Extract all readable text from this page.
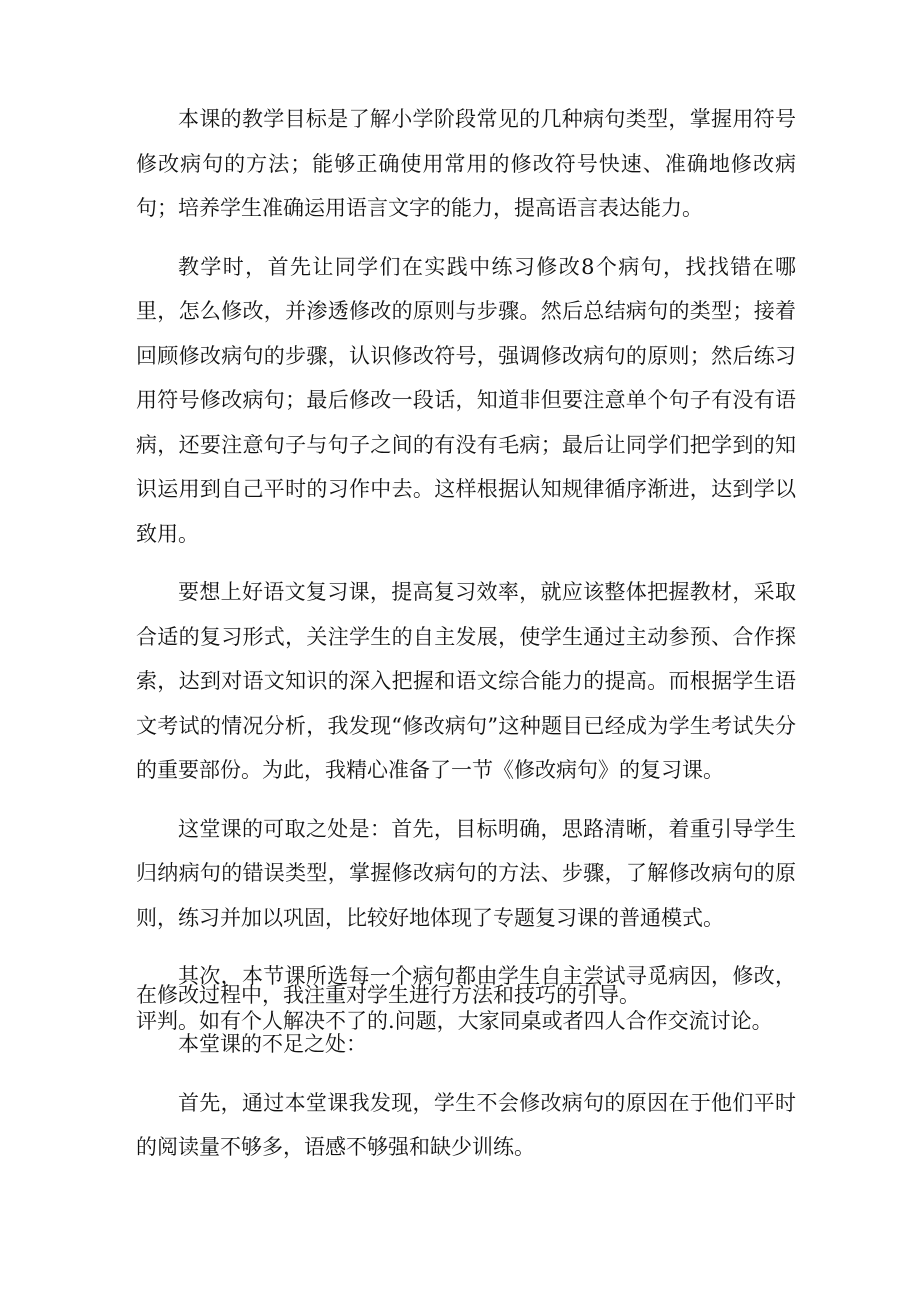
本课的教学目标是了解小学阶段常见的几种病句类型，掌握用符号修改病句的方法；能够正确使用常用的修改符号快速、准确地修改病句；培养学生准确运用语言文字的能力，提高语言表达能力。

教学时，首先让同学们在实践中练习修改8个病句，找找错在哪里，怎么修改，并渗透修改的原则与步骤。然后总结病句的类型；接着回顾修改病句的步骤，认识修改符号，强调修改病句的原则；然后练习用符号修改病句；最后修改一段话，知道非但要注意单个句子有没有语病，还要注意句子与句子之间的有没有毛病；最后让同学们把学到的知识运用到自己平时的习作中去。这样根据认知规律循序渐进，达到学以致用。

要想上好语文复习课，提高复习效率，就应该整体把握教材，采取合适的复习形式，关注学生的自主发展，使学生通过主动参预、合作探索，达到对语文知识的深入把握和语文综合能力的提高。而根据学生语文考试的情况分析，我发现“修改病句”这种题目已经成为学生考试失分的重要部份。为此，我精心准备了一节《修改病句》的复习课。

这堂课的可取之处是：首先，目标明确，思路清晰，着重引导学生归纳病句的错误类型，掌握修改病句的方法、步骤，了解修改病句的原则，练习并加以巩固，比较好地体现了专题复习课的普通模式。

其次，本节课所选每一个病句都由学生自主尝试寻觅病因，修改，评判。如有个人解决不了的.问题，大家同桌或者四人合作交流讨论。

在修改过程中，我注重对学生进行方法和技巧的引导。

本堂课的不足之处：

首先，通过本堂课我发现，学生不会修改病句的原因在于他们平时的阅读量不够多，语感不够强和缺少训练。
